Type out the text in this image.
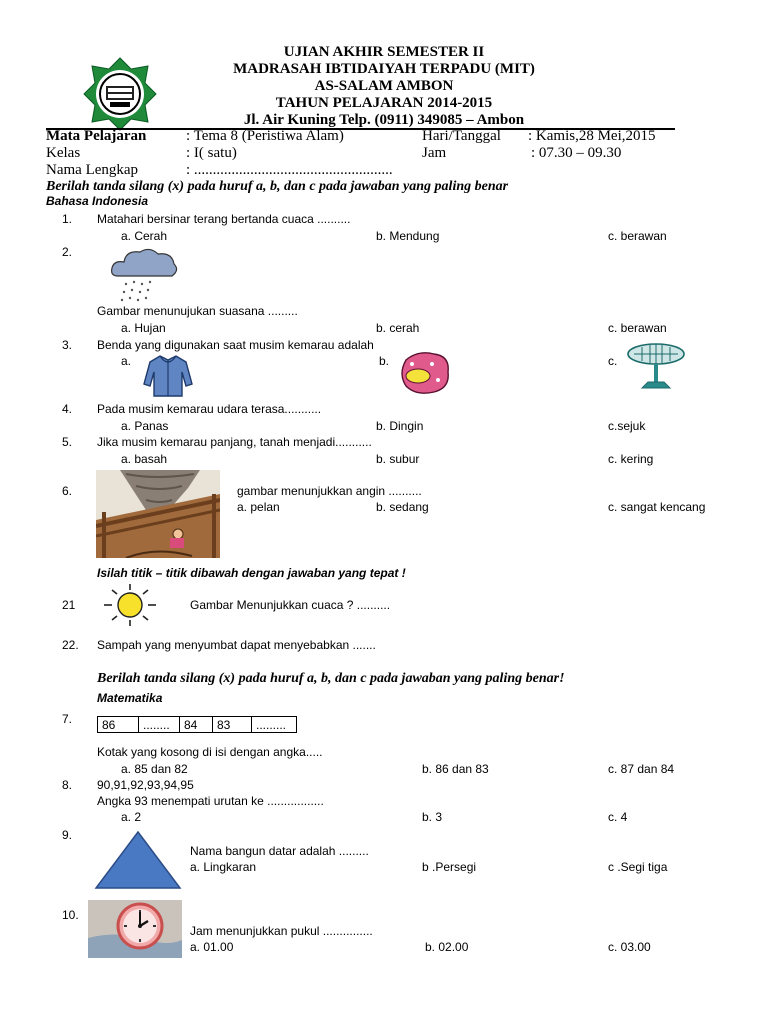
UJIAN AKHIR SEMESTER II
MADRASAH IBTIDAIYAH TERPADU (MIT)
AS-SALAM AMBON
TAHUN PELAJARAN 2014-2015
Jl. Air Kuning Telp. (0911) 349085 – Ambon
Mata Pelajaran	: Tema 8 (Peristiwa Alam)	Hari/Tanggal : Kamis,28 Mei,2015
Kelas	: I( satu)	Jam	: 07.30 – 09.30
Nama Lengkap	: .....................................................
Berilah tanda silang (x) pada huruf a, b, dan c pada jawaban yang paling benar
Bahasa Indonesia
1. Matahari bersinar terang bertanda cuaca ..........
a. Cerah	b. Mendung	c. berawan
2.
Gambar menunujukan suasana .........
a. Hujan	b. cerah	c. berawan
3. Benda yang digunakan saat musim kemarau adalah
a.	b.	c.
4. Pada musim kemarau udara terasa...........
a. Panas	b. Dingin	c.sejuk
5. Jika musim kemarau panjang, tanah menjadi...........
a. basah	b. subur	c. kering
6.	gambar menunjukkan angin ..........
a. pelan	b. sedang	c. sangat kencang
Isilah titik – titik dibawah dengan jawaban yang tepat !
21	Gambar Menunjukkan cuaca ? ..........
22. Sampah yang menyumbat dapat menyebabkan .......
Berilah tanda silang (x) pada huruf a, b, dan c pada jawaban yang paling benar!
Matematika
7. 86	........	84	83	.........
Kotak yang kosong di isi dengan angka.....
a. 85 dan 82	b. 86 dan 83	c. 87 dan 84
8. 90,91,92,93,94,95
Angka 93 menempati urutan ke .................
a. 2	b. 3	c. 4
9.
Nama bangun datar adalah .........
a. Lingkaran	b .Persegi	c .Segi tiga
10.
Jam menunjukkan pukul ...............
a. 01.00	b. 02.00	c. 03.00
